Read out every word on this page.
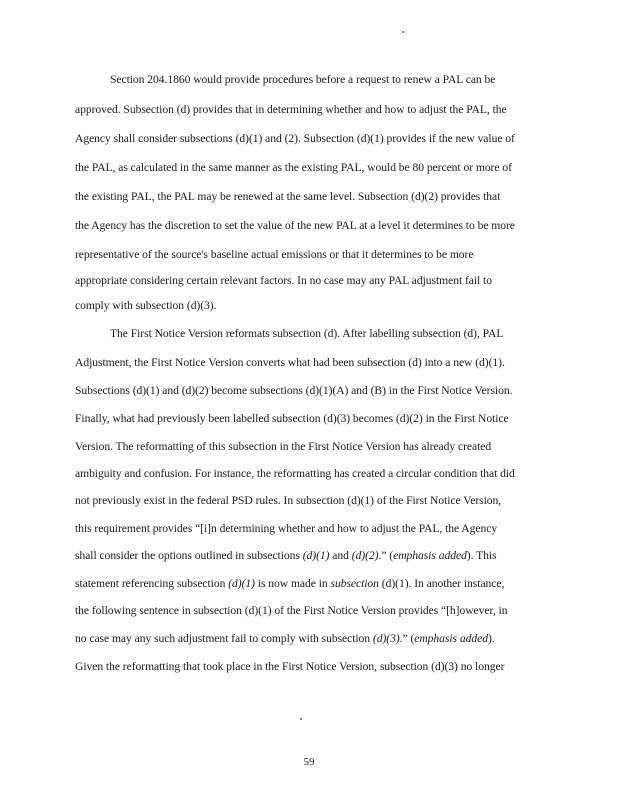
Section 204.1860 would provide procedures before a request to renew a PAL can be
approved. Subsection (d) provides that in determining whether and how to adjust the PAL, the
Agency shall consider subsections (d)(1) and (2). Subsection (d)(1) provides if the new value of
the PAL, as calculated in the same manner as the existing PAL, would be 80 percent or more of
the existing PAL, the PAL may be renewed at the same level. Subsection (d)(2) provides that
the Agency has the discretion to set the value of the new PAL at a level it determines to be more
representative of the source's baseline actual emissions or that it determines to be more
appropriate considering certain relevant factors. In no case may any PAL adjustment fail to
comply with subsection (d)(3).
The First Notice Version reformats subsection (d). After labelling subsection (d), PAL
Adjustment, the First Notice Version converts what had been subsection (d) into a new (d)(1).
Subsections (d)(1) and (d)(2) become subsections (d)(1)(A) and (B) in the First Notice Version.
Finally, what had previously been labelled subsection (d)(3) becomes (d)(2) in the First Notice
Version. The reformatting of this subsection in the First Notice Version has already created
ambiguity and confusion. For instance, the reformatting has created a circular condition that did
not previously exist in the federal PSD rules. In subsection (d)(1) of the First Notice Version,
this requirement provides “[i]n determining whether and how to adjust the PAL, the Agency
shall consider the options outlined in subsections (d)(1) and (d)(2).” (emphasis added). This
statement referencing subsection (d)(1) is now made in subsection (d)(1). In another instance,
the following sentence in subsection (d)(1) of the First Notice Version provides “[h]owever, in
no case may any such adjustment fail to comply with subsection (d)(3).” (emphasis added).
Given the reformatting that took place in the First Notice Version, subsection (d)(3) no longer
59
